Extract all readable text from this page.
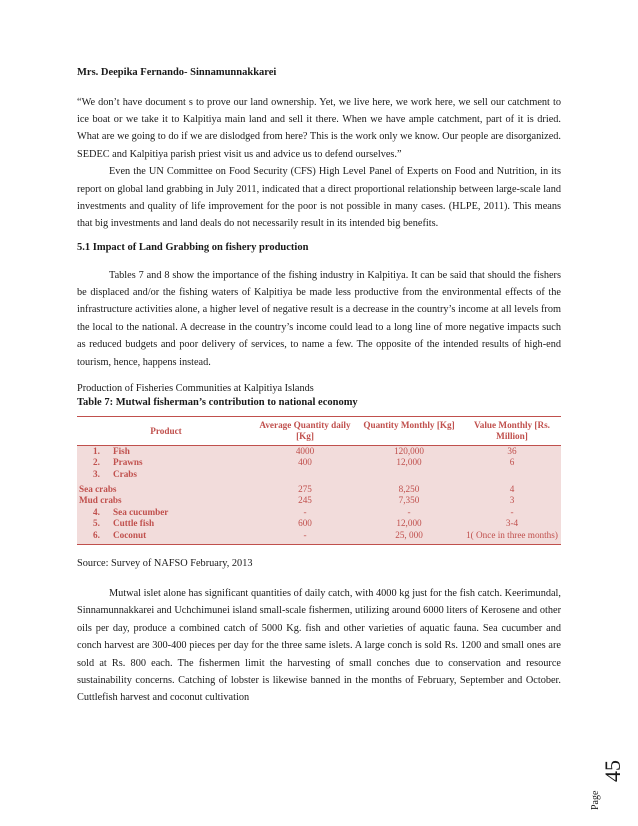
Mrs. Deepika Fernando- Sinnamunnakkarei

“We don’t have document s to prove our land ownership. Yet, we live here, we work here, we sell our catchment to ice boat or we take it to Kalpitiya main land and sell it there. When we have ample catchment, part of it is dried. What are we going to do if we are dislodged from here? This is the work only we know. Our people are disorganized. SEDEC and Kalpitiya parish priest visit us and advice us to defend ourselves.”

Even the UN Committee on Food Security (CFS) High Level Panel of Experts on Food and Nutrition, in its report on global land grabbing in July 2011, indicated that a direct proportional relationship between large-scale land investments and quality of life improvement for the poor is not possible in many cases. (HLPE, 2011). This means that big investments and land deals do not necessarily result in its intended big benefits.

5.1 Impact of Land Grabbing on fishery production

Tables 7 and 8 show the importance of the fishing industry in Kalpitiya. It can be said that should the fishers be displaced and/or the fishing waters of Kalpitiya be made less productive from the environmental effects of the infrastructure activities alone, a higher level of negative result is a decrease in the country’s income at all levels from the local to the national. A decrease in the country’s income could lead to a long line of more negative impacts such as reduced budgets and poor delivery of services, to name a few. The opposite of the intended results of high-end tourism, hence, happens instead.

Production of Fisheries Communities at Kalpitiya Islands
Table 7: Mutwal fisherman’s contribution to national economy
Product	Average Quantity daily [Kg]	Quantity Monthly [Kg]	Value Monthly [Rs. Million]
1. Fish	4000	120,000	36
2. Prawns	400	12,000	6
3. Crabs			
Sea crabs	275	8,250	4
Mud crabs	245	7,350	3
4. Sea cucumber	-	-	-
5. Cuttle fish	600	12,000	3-4
6. Coconut	-	25, 000	1( Once in three months)
Source: Survey of NAFSO February, 2013

Mutwal islet alone has significant quantities of daily catch, with 4000 kg just for the fish catch. Keerimundal, Sinnamunnakkarei and Uchchimunei island small-scale fishermen, utilizing around 6000 liters of Kerosene and other oils per day, produce a combined catch of 5000 Kg. fish and other varieties of aquatic fauna. Sea cucumber and conch harvest are 300-400 pieces per day for the three same islets. A large conch is sold Rs. 1200 and small ones are sold at Rs. 800 each. The fishermen limit the harvesting of small conches due to conservation and resource sustainability concerns. Catching of lobster is likewise banned in the months of February, September and October. Cuttlefish harvest and coconut cultivation

Page
45
